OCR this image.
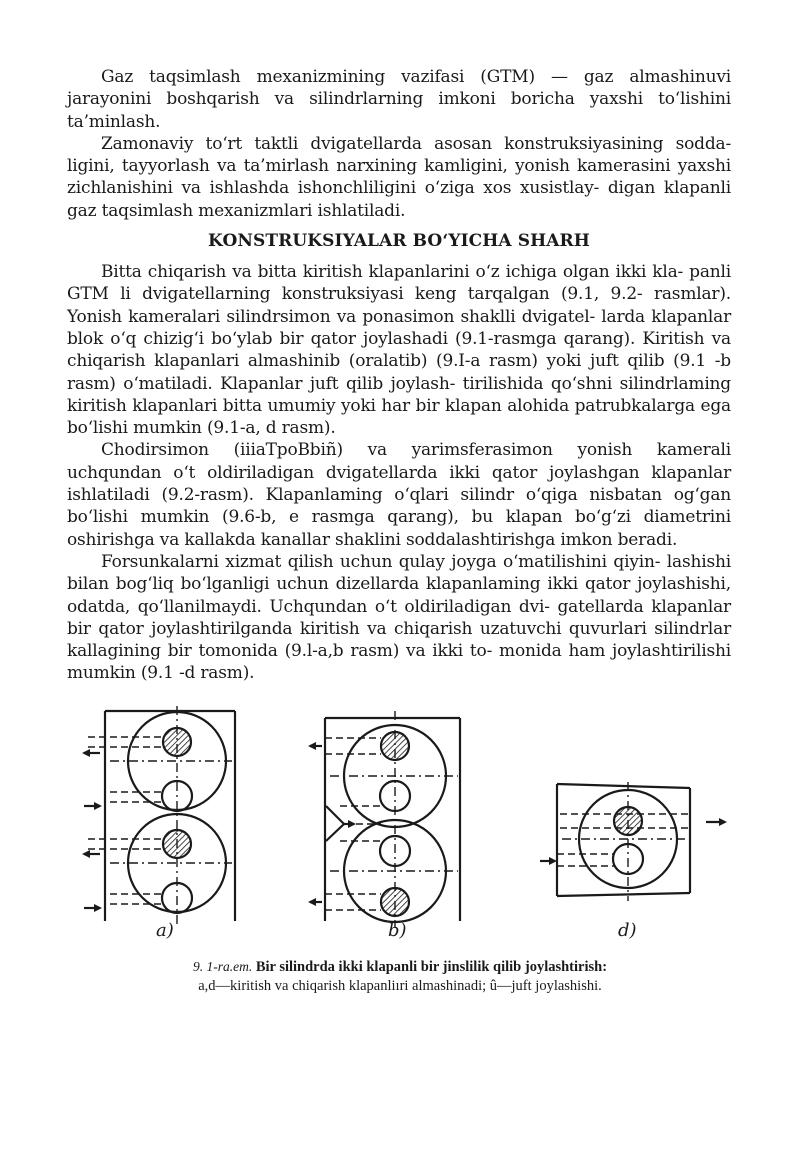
Gaz taqsimlash mexanizmining vazifasi (GTM) — gaz almashinuvi jarayonini boshqarish va silindrlarning imkoni boricha yaxshi to‘lishini ta’minlash.

Zamonaviy to‘rt taktli dvigatellarda asosan konstruksiyasining sodda- ligini, tayyorlash va ta’mirlash narxining kamligini, yonish kamerasini yaxshi zichlanishini va ishlashda ishonchliligini o‘ziga xos xusistlay- digan klapanli gaz taqsimlash mexanizmlari ishlatiladi.

KONSTRUKSIYALAR BO‘YICHA SHARH

Bitta chiqarish va bitta kiritish klapanlarini o‘z ichiga olgan ikki kla- panli GTM li dvigatellarning konstruksiyasi keng tarqalgan (9.1, 9.2- rasmlar). Yonish kameralari silindrsimon va ponasimon shaklli dvigatel- larda klapanlar blok o‘q chizig‘i bo‘ylab bir qator joylashadi (9.1-rasmga qarang). Kiritish va chiqarish klapanlari almashinib (oralatib) (9.I-a rasm) yoki juft qilib (9.1 -b rasm) o‘matiladi. Klapanlar juft qilib joylash- tirilishida qo‘shni silindrlaming kiritish klapanlari bitta umumiy yoki har bir klapan alohida patrubkalarga ega bo‘lishi mumkin (9.1-a, d rasm).

Chodirsimon (iiiaTpoBbiñ) va yarimsferasimon yonish kamerali uchqundan o‘t oldiriladigan dvigatellarda ikki qator joylashgan klapanlar ishlatiladi (9.2-rasm). Klapanlaming o‘qlari silindr o‘qiga nisbatan og‘gan bo‘lishi mumkin (9.6-b, e rasmga qarang), bu klapan bo‘g‘zi diametrini oshirishga va kallakda kanallar shaklini soddalashtirishga imkon beradi.

Forsunkalarni xizmat qilish uchun qulay joyga o‘matilishini qiyin- lashishi bilan bog‘liq bo‘lganligi uchun dizellarda klapanlaming ikki qator joylashishi, odatda, qo‘llanilmaydi. Uchqundan o‘t oldiriladigan dvi- gatellarda klapanlar bir qator joylashtirilganda kiritish va chiqarish uzatuvchi quvurlari silindrlar kallagining bir tomonida (9.l-a,b rasm) va ikki to- monida ham joylashtirilishi mumkin (9.1 -d rasm).

a)	b)	d)
9. 1-ra.em. Bir silindrda ikki klapanli bir jinslilik qilib joylashtirish:
a,d—kiritish va chiqarish klapanliıri almashinadi; û—juft joylashishi.
